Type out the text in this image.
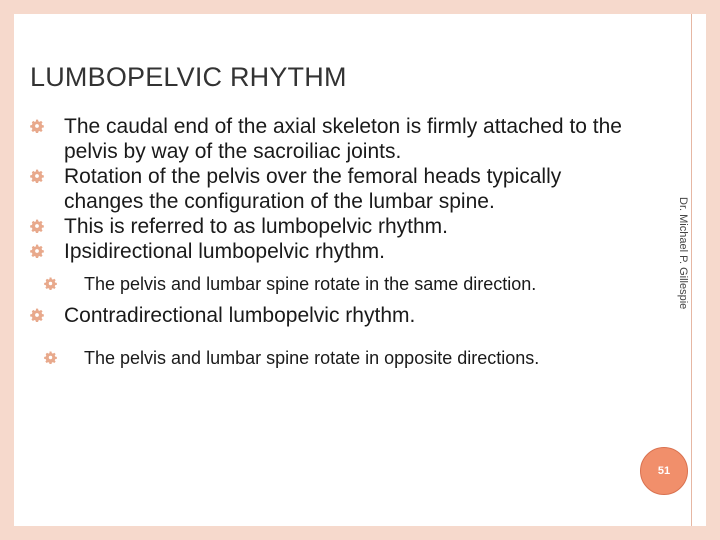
LUMBOPELVIC RHYTHM
The caudal end of the axial skeleton is firmly attached to the pelvis by way of the sacroiliac joints.
Rotation of the pelvis over the femoral heads typically changes the configuration of the lumbar spine.
This is referred to as lumbopelvic rhythm.
Ipsidirectional lumbopelvic rhythm.
The pelvis and lumbar spine rotate in the same direction.
Contradirectional lumbopelvic rhythm.
The pelvis and lumbar spine rotate in opposite directions.
Dr. Michael P. Gillespie
51
